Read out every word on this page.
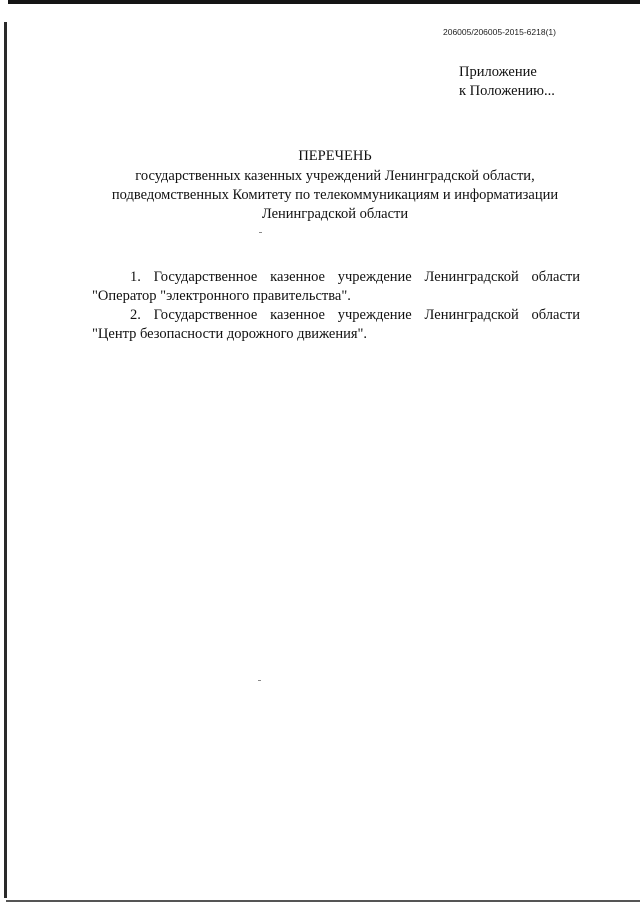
206005/206005-2015-6218(1)
Приложение
к Положению...
ПЕРЕЧЕНЬ
государственных казенных учреждений Ленинградской области,
подведомственных Комитету по телекоммуникациям и информатизации
Ленинградской области

1. Государственное казенное учреждение Ленинградской области "Оператор "электронного правительства".

2. Государственное казенное учреждение Ленинградской области "Центр безопасности дорожного движения".
